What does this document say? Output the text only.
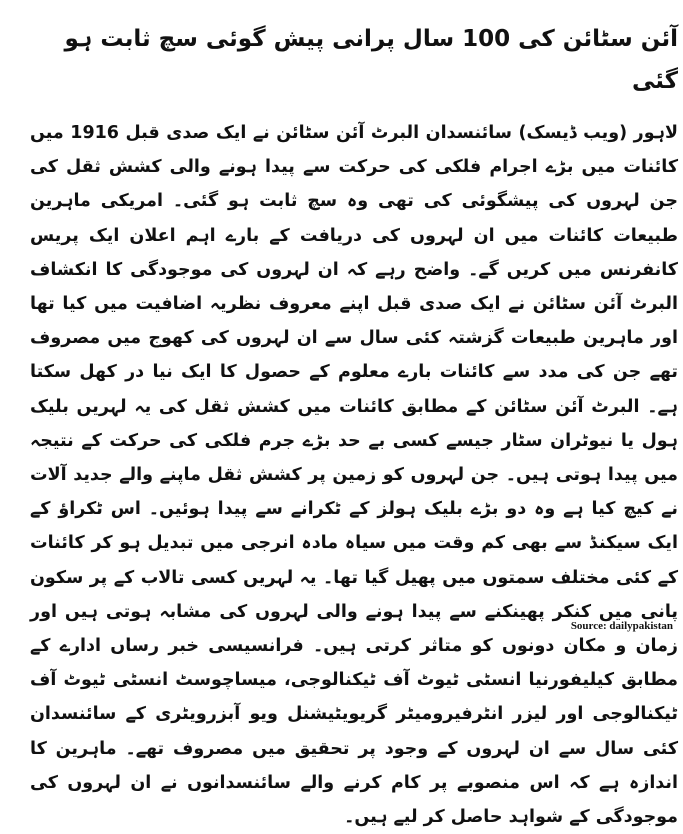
آئن سٹائن کی 100 سال پرانی پیش گوئی سچ ثابت ہو گئی

لاہور (ویب ڈیسک) سائنسدان البرٹ آئن سٹائن نے ایک صدی قبل 1916 میں کائنات میں بڑے اجرام فلکی کی حرکت سے پیدا ہونے والی کشش ثقل کی جن لہروں کی پیشگوئی کی تھی وہ سچ ثابت ہو گئی۔ امریکی ماہرین طبیعات کائنات میں ان لہروں کی دریافت کے بارے اہم اعلان ایک پریس کانفرنس میں کریں گے۔ واضح رہے کہ ان لہروں کی موجودگی کا انکشاف البرٹ آئن سٹائن نے ایک صدی قبل اپنے معروف نظریہ اضافیت میں کیا تھا اور ماہرین طبیعات گزشتہ کئی سال سے ان لہروں کی کھوج میں مصروف تھے جن کی مدد سے کائنات بارے معلوم کے حصول کا ایک نیا در کھل سکتا ہے۔ البرٹ آئن سٹائن کے مطابق کائنات میں کشش ثقل کی یہ لہریں بلیک ہول یا نیوٹران سٹار جیسے کسی بے حد بڑے جرم فلکی کی حرکت کے نتیجہ میں پیدا ہوتی ہیں۔ جن لہروں کو زمین پر کشش ثقل ماپنے والے جدید آلات نے کیچ کیا ہے وہ دو بڑے بلیک ہولز کے ٹکرانے سے پیدا ہوئیں۔ اس ٹکراؤ کے ایک سیکنڈ سے بھی کم وقت میں سیاہ مادہ انرجی میں تبدیل ہو کر کائنات کے کئی مختلف سمتوں میں پھیل گیا تھا۔ یہ لہریں کسی تالاب کے پر سکون پانی میں کنکر پھینکنے سے پیدا ہونے والی لہروں کی مشابہ ہوتی ہیں اور زمان و مکان دونوں کو متاثر کرتی ہیں۔ فرانسیسی خبر رساں ادارے کے مطابق کیلیفورنیا انسٹی ٹیوٹ آف ٹیکنالوجی، میساچوسٹ انسٹی ٹیوٹ آف ٹیکنالوجی اور لیزر انٹرفیرومیٹر گریویٹیشنل ویو آبزرویٹری کے سائنسدان کئی سال سے ان لہروں کے وجود پر تحقیق میں مصروف تھے۔ ماہرین کا اندازہ ہے کہ اس منصوبے پر کام کرنے والے سائنسدانوں نے ان لہروں کی موجودگی کے شواہد حاصل کر لیے ہیں۔

Source: dailypakistan
